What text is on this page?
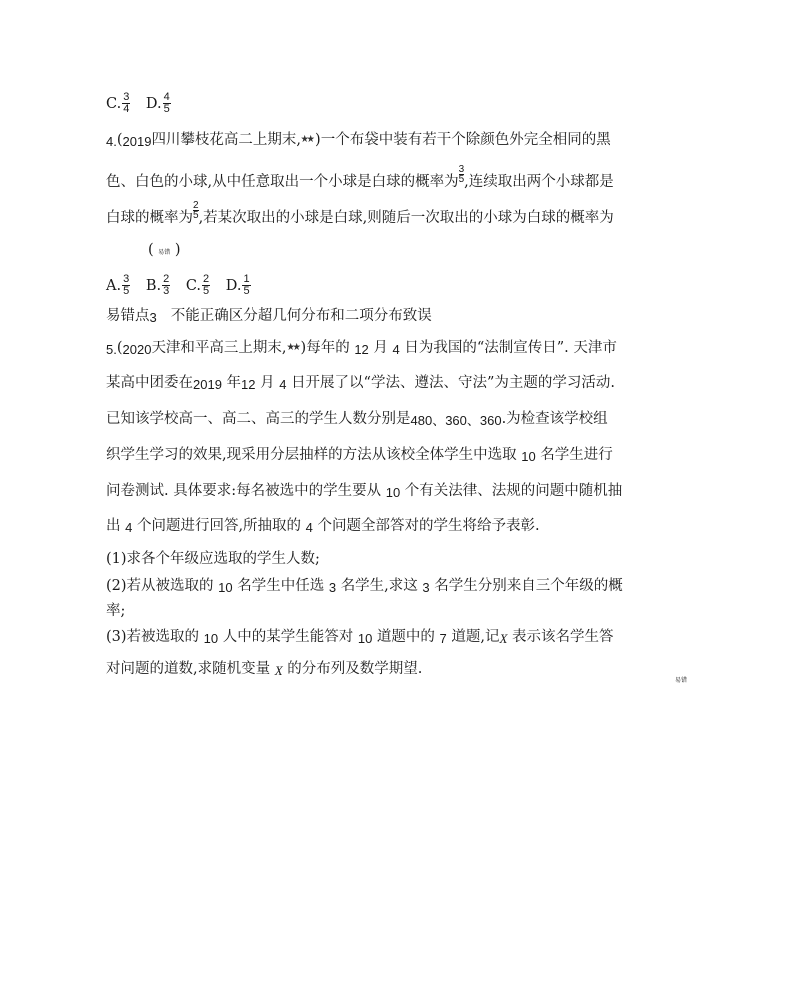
C. $\frac{3}{4} D$. $\frac{4}{5}$
4.(2019四川攀枝花高二上期末, )一个布袋中装有若干个除颜色外完全相同的黑
色、白色的小球,从中任意取出一个小球是白球的概率为 $\frac{3}{5}$ ,连续取出两个小球都是
白球的概率为 $\frac{2}{5}$ ,若某次取出的小球是白球,则随后一次取出的小球为白球的概率为
( 易错 )
A. $\frac{3}{5} B$. $\frac{2}{3} C$. $\frac{2}{5} D$. $\frac{1}{5}$
易错点3 不能正确区分超几何分布和二项分布致误
5.(2020天津和平高三上期末, )每年的 12 月 4 日为我国的“法制宣传日”. 天津市
某高中团委在2019 年12 月 4 日开展了以“学法、遵法、守法”为主题的学习活动.
已知该学校高一、高二、高三的学生人数分别是480、360、360.为检查该学校组
织学生学习的效果,现采用分层抽样的方法从该校全体学生中选取 10 名学生进行
问卷测试. 具体要求:每名被选中的学生要从 10 个有关法律、法规的问题中随机抽
出 4 个问题进行回答,所抽取的 4 个问题全部答对的学生将给予表彰.
(1)求各个年级应选取的学生人数;
(2)若从被选取的 10 名学生中任选 3 名学生,求这 3 名学生分别来自三个年级的概
率;
(3)若被选取的 10 人中的某学生能答对 10 道题中的 7 道题,记X 表示该名学生答
对问题的道数,求随机变量 X 的分布列及数学期望.
易错
